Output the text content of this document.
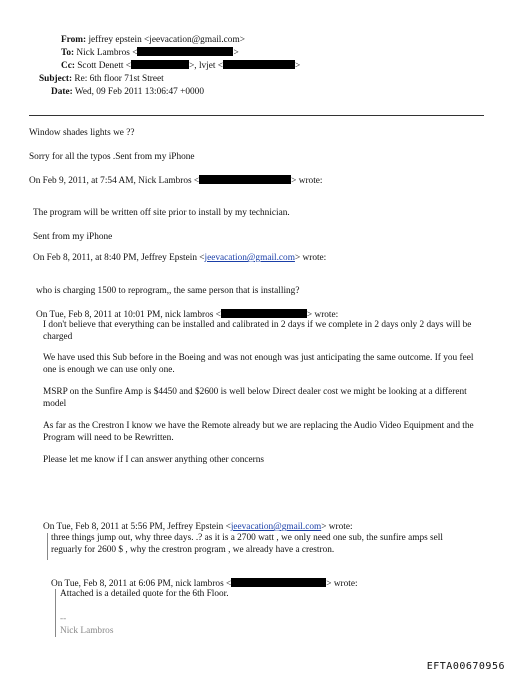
From: jeffrey epstein <jeevacation@gmail.com>
To: Nick Lambros <	>
Cc: Scott Denett <	>, lvjet <	>
Subject: Re: 6th floor 71st Street
Date: Wed, 09 Feb 2011 13:06:47 +0000
Window shades lights we ??
Sorry for all the typos .Sent from my iPhone
On Feb 9, 2011, at 7:54 AM, Nick Lambros <	> wrote:
The program will be written off site prior to install by my technician.
Sent from my iPhone
On Feb 8, 2011, at 8:40 PM, Jeffrey Epstein <jeevacation@gmail.com> wrote:
who is charging 1500 to reprogram,, the same person that is installing?
On Tue, Feb 8, 2011 at 10:01 PM, nick lambros <	> wrote:
I don't believe that everything can be installed and calibrated in 2 days if we complete in 2 days only 2 days will be charged
We have used this Sub before in the Boeing and was not enough was just anticipating the same outcome. If you feel one is enough we can use only one.
MSRP on the Sunfire Amp is $4450 and $2600 is well below Direct dealer cost we might be looking at a different model
As far as the Crestron I know we have the Remote already but we are replacing the Audio Video Equipment and the Program will need to be Rewritten.
Please let me know if I can answer anything other concerns
On Tue, Feb 8, 2011 at 5:56 PM, Jeffrey Epstein <jeevacation@gmail.com> wrote:
three things jump out, why three days. .? as it is a 2700 watt , we only need one sub, the sunfire amps sell reguarly for 2600 $ , why the crestron program , we already have a crestron.
On Tue, Feb 8, 2011 at 6:06 PM, nick lambros <	> wrote:
Attached is a detailed quote for the 6th Floor.
--
Nick Lambros
EFTA00670956
